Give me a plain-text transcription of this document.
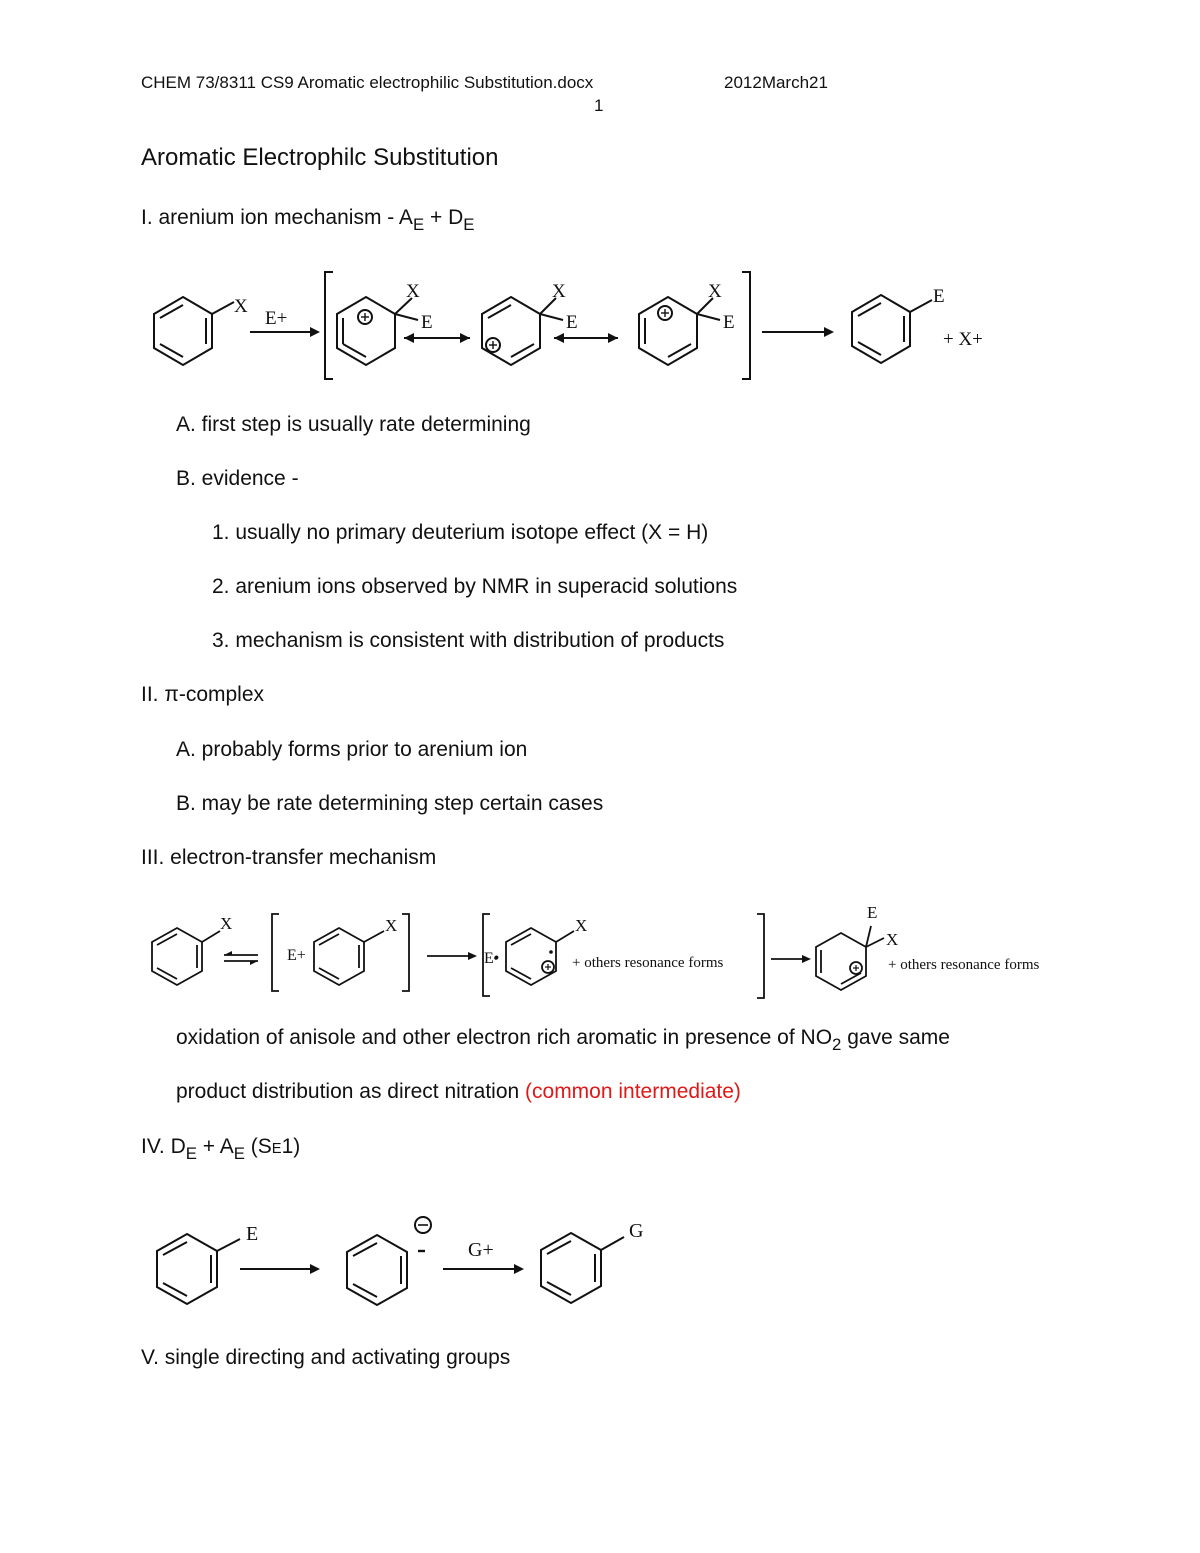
CHEM 73/8311 CS9 Aromatic electrophilic Substitution.docx	2012March21
1
Aromatic Electrophilc Substitution
I. arenium ion mechanism - $A_E + D_E$
X
E+
X
E
X
E
X
E
E
+ X+
A. first step is usually rate determining
B. evidence -
1. usually no primary deuterium isotope effect (X = H)
2. arenium ions observed by NMR in superacid solutions
3. mechanism is consistent with distribution of products
II. π-complex
A. probably forms prior to arenium ion
B. may be rate determining step certain cases
III. electron-transfer mechanism
X
E+
X
E•
X
+ others resonance forms
E
X
+ others resonance forms
oxidation of anisole and other electron rich aromatic in presence of $NO_2$ gave same
product distribution as direct nitration (common intermediate)
IV. $D_E + A_E$ (SE1)
E
G+
G
V. single directing and activating groups
